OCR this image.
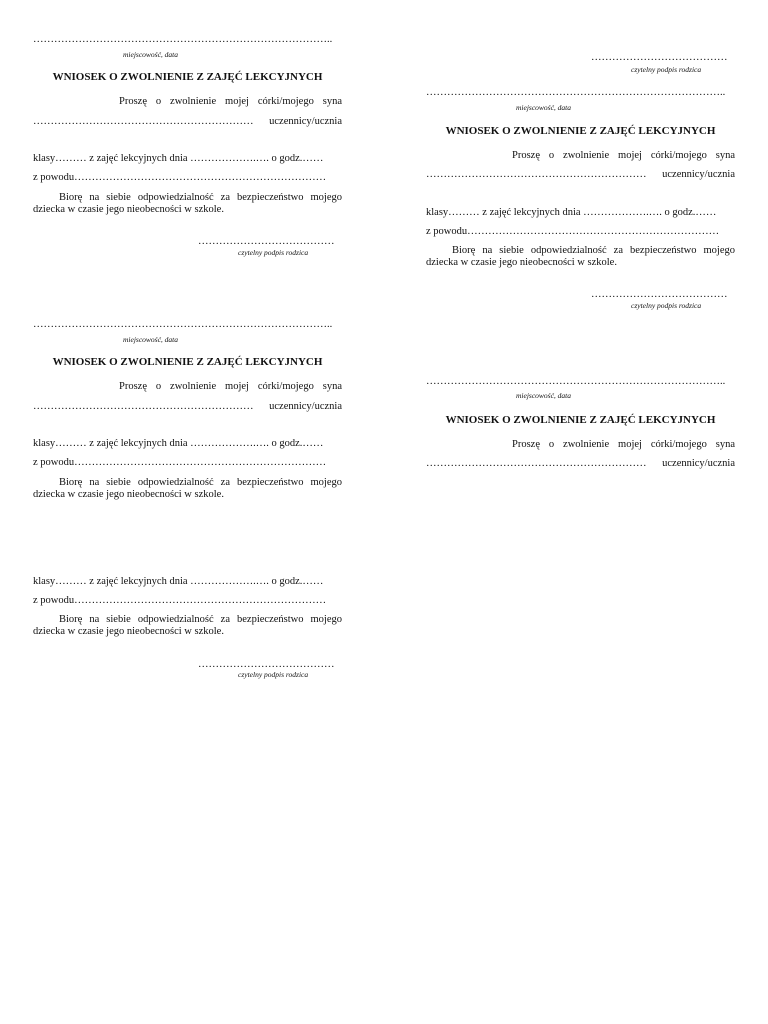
…………………………………………………………………………..
miejscowość, data
WNIOSEK O ZWOLNIENIE Z ZAJĘĆ LEKCYJNYCH
Proszę o zwolnienie mojej córki/mojego syna
……………………………………………………… uczennicy/ucznia
klasy……… z zajęć lekcyjnych dnia ……………….…. o godz.……
z powodu………………………………………………………………
Biorę na siebie odpowiedzialność za bezpieczeństwo mojego dziecka w czasie jego nieobecności w szkole.
…………………………………
czytelny podpis rodzica
…………………………………
czytelny podpis rodzica
…………………………………………………………………………..
miejscowość, data
WNIOSEK O ZWOLNIENIE Z ZAJĘĆ LEKCYJNYCH
Proszę o zwolnienie mojej córki/mojego syna
……………………………………………………… uczennicy/ucznia
klasy……… z zajęć lekcyjnych dnia ……………….…. o godz.……
z powodu………………………………………………………………
Biorę na siebie odpowiedzialność za bezpieczeństwo mojego dziecka w czasie jego nieobecności w szkole.
…………………………………
czytelny podpis rodzica
…………………………………………………………………………..
miejscowość, data
WNIOSEK O ZWOLNIENIE Z ZAJĘĆ LEKCYJNYCH
Proszę o zwolnienie mojej córki/mojego syna
……………………………………………………… uczennicy/ucznia
klasy……… z zajęć lekcyjnych dnia ……………….…. o godz.……
z powodu………………………………………………………………
Biorę na siebie odpowiedzialność za bezpieczeństwo mojego dziecka w czasie jego nieobecności w szkole.
…………………………………………………………………………..
miejscowość, data
WNIOSEK O ZWOLNIENIE Z ZAJĘĆ LEKCYJNYCH
Proszę o zwolnienie mojej córki/mojego syna
……………………………………………………… uczennicy/ucznia
klasy……… z zajęć lekcyjnych dnia ……………….…. o godz.……
z powodu………………………………………………………………
Biorę na siebie odpowiedzialność za bezpieczeństwo mojego dziecka w czasie jego nieobecności w szkole.
…………………………………
czytelny podpis rodzica
